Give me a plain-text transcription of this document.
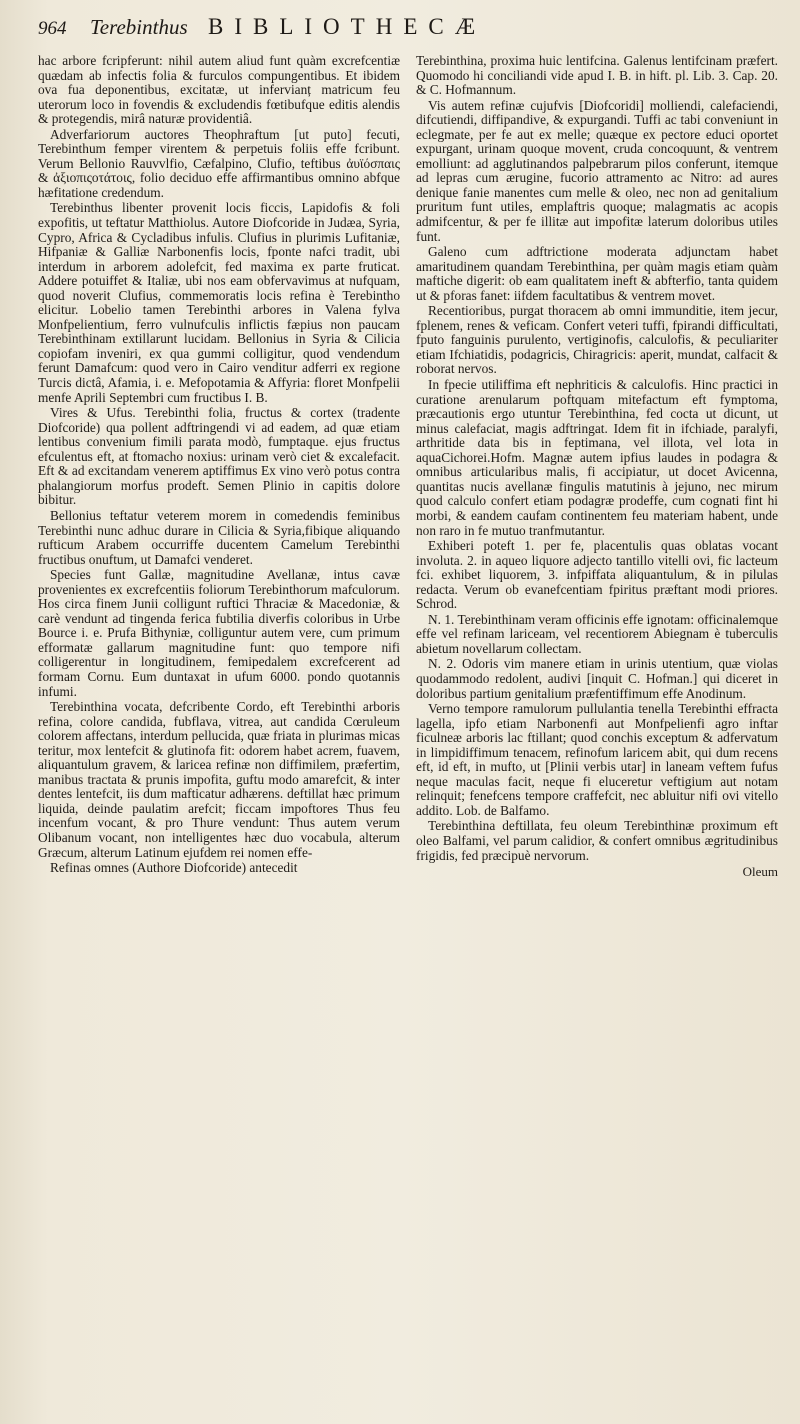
964	Terebinthus BIBLIOTHECÆ

hac arbore fcripferunt: nihil autem aliud funt quàm excrefcentiæ quædam ab infectis folia & furculos compungentibus. Et ibidem ova fua deponentibus, excitatæ, ut infervianț matricum feu uterorum loco in fovendis & excludendis fœtibufque editis alendis & protegendis, mirâ naturæ providentiâ.

Adverfariorum auctores Theophraftum [ut puto] fecuti, Terebinthum femper virentem & perpetuis foliis effe fcribunt. Verum Bellonio Rauvvlfio, Cæfalpino, Clufio, teftibus ἀυϊόσπαις & ἀξιοπιςοτάτοις, folio deciduo effe affirmantibus omnino abfque hæfitatione credendum.

Terebinthus libenter provenit locis ficcis, Lapidofis & foli expofitis, ut teftatur Matthiolus. Autore Diofcoride in Judæa, Syria, Cypro, Africa & Cycladibus infulis. Clufius in plurimis Lufitaniæ, Hifpaniæ & Galliæ Narbonenfis locis, fponte nafci tradit, ubi interdum in arborem adolefcit, fed maxima ex parte fruticat. Addere potuiffet & Italiæ, ubi nos eam obfervavimus at nufquam, quod noverit Clufius, commemoratis locis refina è Terebintho elicitur. Lobelio tamen Terebinthi arbores in Valena fylva Monfpelientium, ferro vulnufculis inflictis fæpius non paucam Terebinthinam extillarunt lucidam. Bellonius in Syria & Cilicia copiofam inveniri, ex qua gummi colligitur, quod vendendum ferunt Damafcum: quod vero in Cairo venditur adferri ex regione Turcis dictâ, Afamia, i. e. Mefopotamia & Affyria: floret Monfpelii menfe Aprili Septembri cum fructibus I. B.

Vires & Ufus. Terebinthi folia, fructus & cortex (tradente Diofcoride) qua pollent adftringendi vi ad eadem, ad quæ etiam lentibus convenium fimili parata modò, fumptaque. ejus fructus efculentus eft, at ftomacho noxius: urinam verò ciet & excalefacit. Eft & ad excitandam venerem aptiffimus Ex vino verò potus contra phalangiorum morfus prodeft. Semen Plinio in capitis dolore bibitur.

Bellonius teftatur veterem morem in comedendis feminibus Terebinthi nunc adhuc durare in Cilicia & Syria,fibique aliquando rufticum Arabem occurriffe ducentem Camelum Terebinthi fructibus onuftum, ut Damafci venderet.

Species funt Gallæ, magnitudine Avellanæ, intus cavæ provenientes ex excrefcentiis foliorum Terebinthorum mafculorum. Hos circa finem Junii colligunt ruftici Thraciæ & Macedoniæ, & carè vendunt ad tingenda ferica fubtilia diverfis coloribus in Urbe Bource i. e. Prufa Bithyniæ, colliguntur autem vere, cum primum efformatæ gallarum magnitudine funt: quo tempore nifi colligerentur in longitudinem, femipedalem excrefcerent ad formam Cornu. Eum duntaxat in ufum 6000. pondo quotannis infumi.

Terebinthina vocata, defcribente Cordo, eft Terebinthi arboris refina, colore candida, fubflava, vitrea, aut candida Cœruleum colorem affectans, interdum pellucida, quæ friata in plurimas micas teritur, mox lentefcit & glutinofa fit: odorem habet acrem, fuavem, aliquantulum gravem, & laricea refinæ non diffimilem, præfertim, manibus tractata & prunis impofita, guftu modo amarefcit, & inter dentes lentefcit, iis dum mafticatur adhærens. deftillat hæc primum liquida, deinde paulatim arefcit; ficcam impoftores Thus feu incenfum vocant, & pro Thure vendunt: Thus autem verum Olibanum vocant, non intelligentes hæc duo vocabula, alterum Græcum, alterum Latinum ejufdem rei nomen effe-

Refinas omnes (Authore Diofcoride) antecedit

Terebinthina, proxima huic lentifcina. Galenus lentifcinam præfert. Quomodo hi conciliandi vide apud I. B. in hift. pl. Lib. 3. Cap. 20. & C. Hofmannum.

Vis autem refinæ cujufvis [Diofcoridi] molliendi, calefaciendi, difcutiendi, diffipandive, & expurgandi. Tuffi ac tabi conveniunt in eclegmate, per fe aut ex melle; quæque ex pectore educi oportet expurgant, urinam quoque movent, cruda concoquunt, & ventrem emolliunt: ad agglutinandos palpebrarum pilos conferunt, itemque ad lepras cum ærugine, fucorio attramento ac Nitro: ad aures denique fanie manentes cum melle & oleo, nec non ad genitalium pruritum funt utiles, emplaftris quoque; malagmatis ac acopis admifcentur, & per fe illitæ aut impofitæ laterum doloribus utiles funt.

Galeno cum adftrictione moderata adjunctam habet amaritudinem quandam Terebinthina, per quàm magis etiam quàm maftiche digerit: ob eam qualitatem ineft & abfterfio, tanta quidem ut & pforas fanet: iifdem facultatibus & ventrem movet.

Recentioribus, purgat thoracem ab omni immunditie, item jecur, fplenem, renes & veficam. Confert veteri tuffi, fpirandi difficultati, fputo fanguinis purulento, vertiginofis, calculofis, & peculiariter etiam Ifchiatidis, podagricis, Chiragricis: aperit, mundat, calfacit & roborat nervos.

In fpecie utiliffima eft nephriticis & calculofis. Hinc practici in curatione arenularum poftquam mitefactum eft fymptoma, præcautionis ergo utuntur Terebinthina, fed cocta ut dicunt, ut minus calefaciat, magis adftringat. Idem fit in ifchiade, paralyfi, arthritide data bis in feptimana, vel illota, vel lota in aquaCichorei.Hofm. Magnæ autem ipfius laudes in podagra & omnibus articularibus malis, fi accipiatur, ut docet Avicenna, quantitas nucis avellanæ fingulis matutinis à jejuno, nec mirum quod calculo confert etiam podagræ prodeffe, cum cognati fint hi morbi, & eandem caufam continentem feu materiam habent, unde non raro in fe mutuo tranfmutantur.

Exhiberi poteft 1. per fe, placentulis quas oblatas vocant involuta. 2. in aqueo liquore adjecto tantillo vitelli ovi, fic lacteum fci. exhibet liquorem, 3. infpiffata aliquantulum, & in pilulas redacta. Verum ob evanefcentiam fpiritus præftant modi priores. Schrod.

N. 1. Terebinthinam veram officinis effe ignotam: officinalemque effe vel refinam lariceam, vel recentiorem Abiegnam è tuberculis abietum novellarum collectam.

N. 2. Odoris vim manere etiam in urinis utentium, quæ violas quodammodo redolent, audivi [inquit C. Hofman.] qui diceret in doloribus partium genitalium præfentiffimum effe Anodinum.

Verno tempore ramulorum pullulantia tenella Terebinthi effracta lagella, ipfo etiam Narbonenfi aut Monfpelienfi agro inftar ficulneæ arboris lac ftillant; quod conchis exceptum & adfervatum in limpidiffimum tenacem, refinofum laricem abit, qui dum recens eft, id eft, in mufto, ut [Plinii verbis utar] in laneam veftem fufus neque maculas facit, neque fi eluceretur veftigium aut notam relinquit; fenefcens tempore craffefcit, nec abluitur nifi ovi vitello addito. Lob. de Balfamo.

Terebinthina deftillata, feu oleum Terebinthinæ proximum eft oleo Balfami, vel parum calidior, & confert omnibus ægritudinibus frigidis, fed præcipuè nervorum.

Oleum
